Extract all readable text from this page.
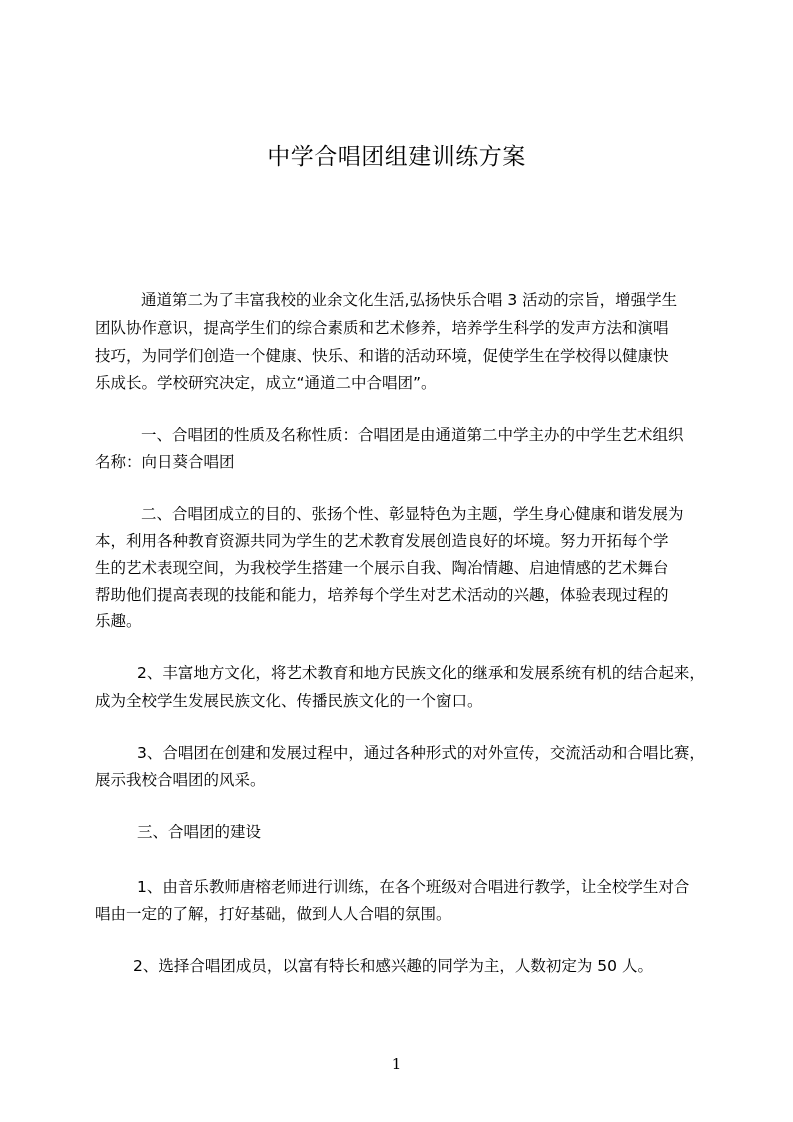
中学合唱团组建训练方案
通道第二为了丰富我校的业余文化生活,弘扬快乐合唱 3 活动的宗旨，增强学生
团队协作意识，提高学生们的综合素质和艺术修养，培养学生科学的发声方法和演唱
技巧，为同学们创造一个健康、快乐、和谐的活动环境，促使学生在学校得以健康快
乐成长。学校研究决定，成立“通道二中合唱团”。
一、合唱团的性质及名称性质：合唱团是由通道第二中学主办的中学生艺术组织
名称：向日葵合唱团
二、合唱团成立的目的、张扬个性、彰显特色为主题，学生身心健康和谐发展为
本，利用各种教育资源共同为学生的艺术教育发展创造良好的坏境。努力开拓每个学
生的艺术表现空间，为我校学生搭建一个展示自我、陶冶情趣、启迪情感的艺术舞台
帮助他们提高表现的技能和能力，培养每个学生对艺术活动的兴趣，体验表现过程的
乐趣。
2、丰富地方文化，将艺术教育和地方民族文化的继承和发展系统有机的结合起来，
成为全校学生发展民族文化、传播民族文化的一个窗口。
3、合唱团在创建和发展过程中，通过各种形式的对外宣传，交流活动和合唱比赛，
展示我校合唱团的风采。
三、合唱团的建设
1、由音乐教师唐榕老师进行训练，在各个班级对合唱进行教学，让全校学生对合
唱由一定的了解，打好基础，做到人人合唱的氛围。
2、选择合唱团成员，以富有特长和感兴趣的同学为主，人数初定为 50 人。
1
